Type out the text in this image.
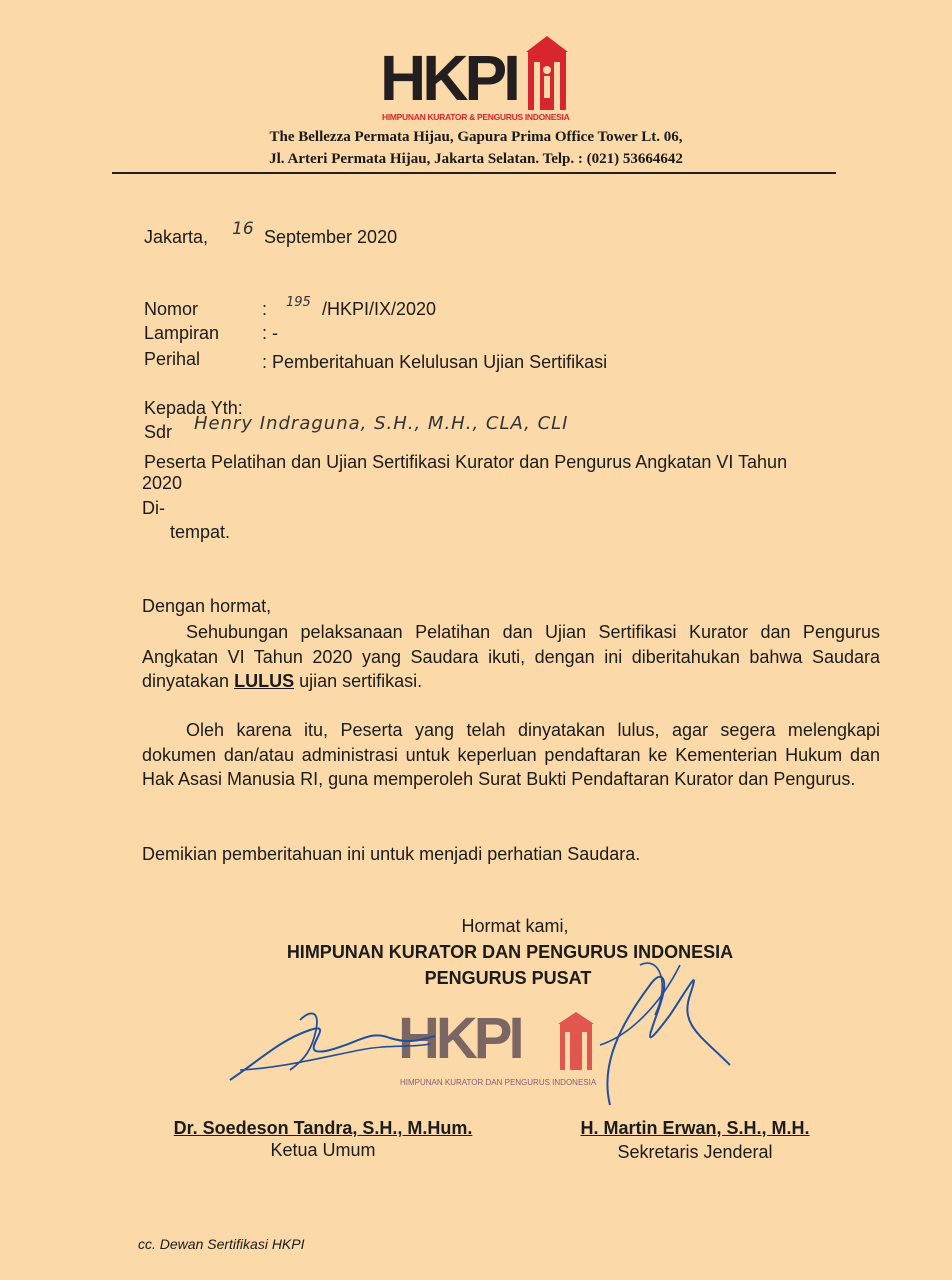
HKPI
HIMPUNAN KURATOR & PENGURUS INDONESIA
The Bellezza Permata Hijau, Gapura Prima Office Tower Lt. 06,
Jl. Arteri Permata Hijau, Jakarta Selatan. Telp. : (021) 53664642
Jakarta, 16 September 2020
Nomor	: 195 /HKPI/IX/2020
Lampiran : -
Perihal	: Pemberitahuan Kelulusan Ujian Sertifikasi
Kepada Yth:
Sdr Henry Indraguna, S.H., M.H., CLA, CLI
Peserta Pelatihan dan Ujian Sertifikasi Kurator dan Pengurus Angkatan VI Tahun
2020
Di-
tempat.
Dengan hormat,
Sehubungan pelaksanaan Pelatihan dan Ujian Sertifikasi Kurator dan Pengurus Angkatan VI Tahun 2020 yang Saudara ikuti, dengan ini diberitahukan bahwa Saudara dinyatakan LULUS ujian sertifikasi.
Oleh karena itu, Peserta yang telah dinyatakan lulus, agar segera melengkapi dokumen dan/atau administrasi untuk keperluan pendaftaran ke Kementerian Hukum dan Hak Asasi Manusia RI, guna memperoleh Surat Bukti Pendaftaran Kurator dan Pengurus.
Demikian pemberitahuan ini untuk menjadi perhatian Saudara.
Hormat kami,
HIMPUNAN KURATOR DAN PENGURUS INDONESIA
PENGURUS PUSAT
HKPI
HIMPUNAN KURATOR DAN PENGURUS INDONESIA
Dr. Soedeson Tandra, S.H., M.Hum.
Ketua Umum
H. Martin Erwan, S.H., M.H.
Sekretaris Jenderal
cc. Dewan Sertifikasi HKPI
